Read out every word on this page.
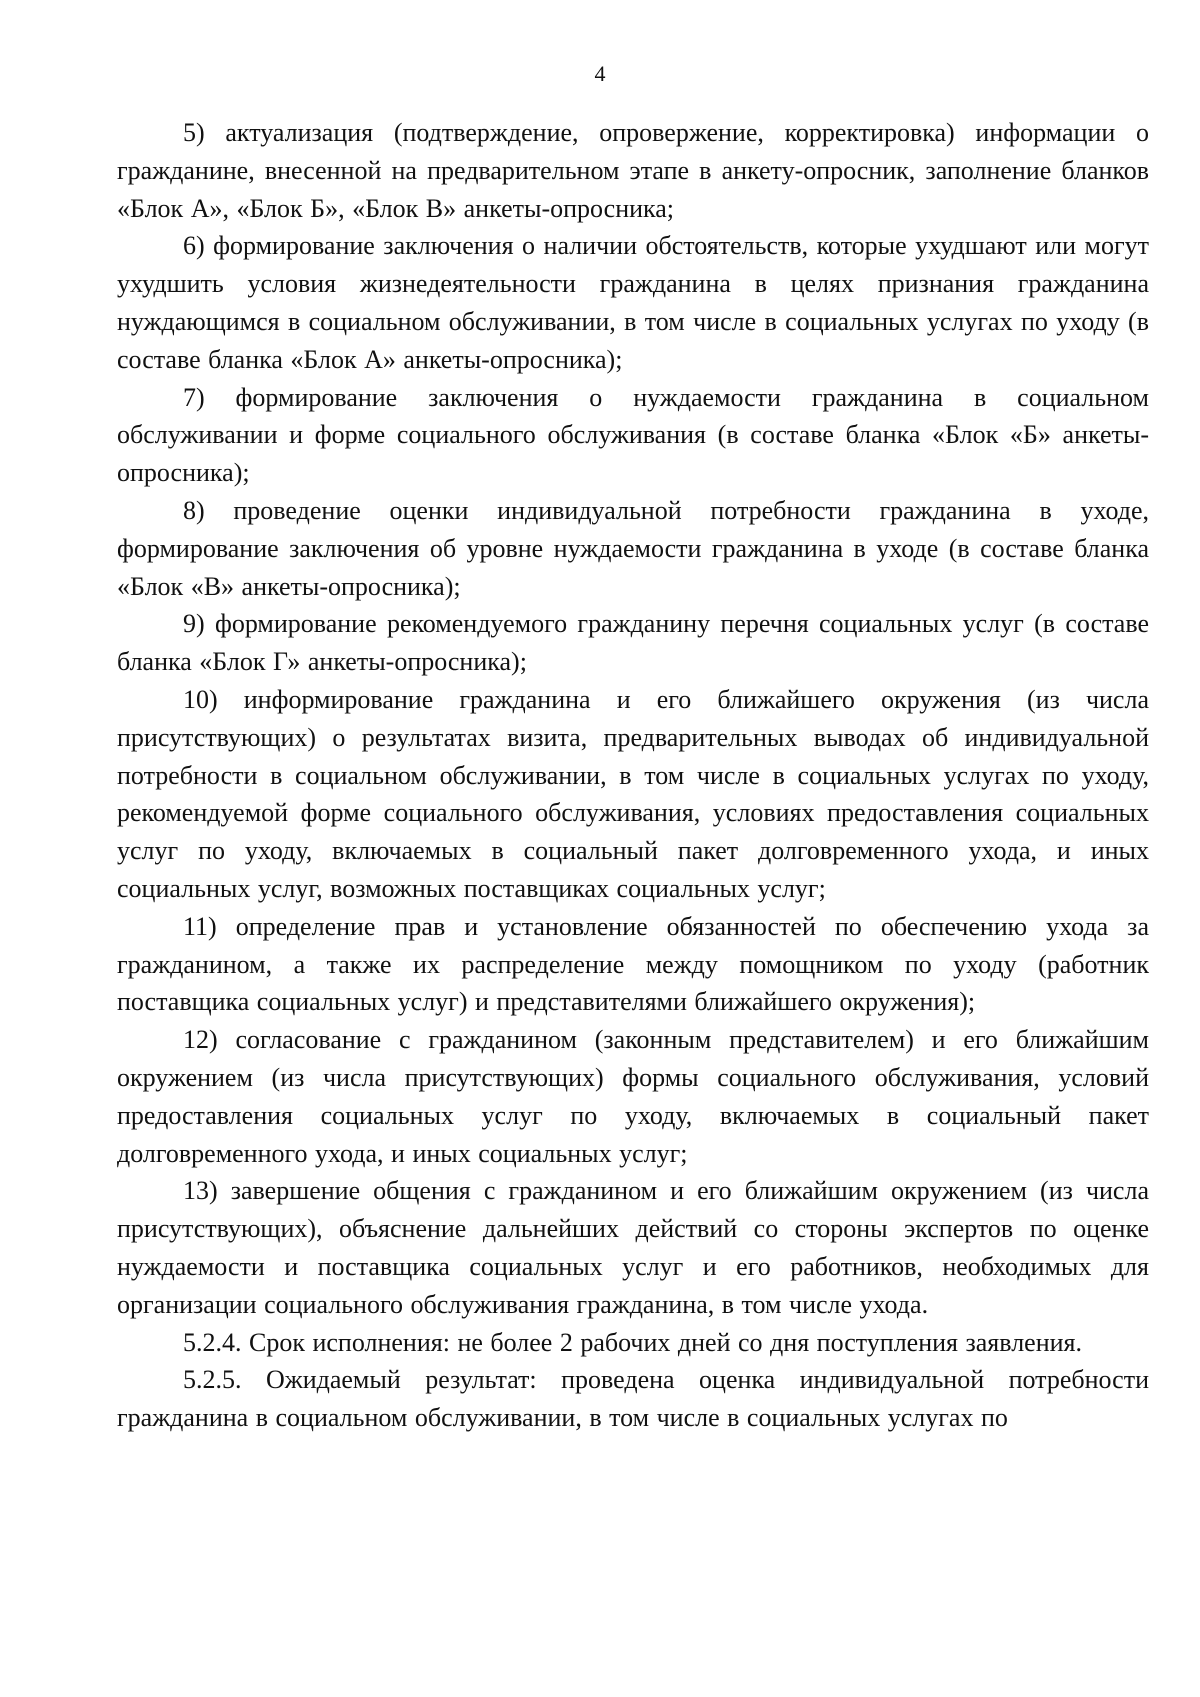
4

5) актуализация (подтверждение, опровержение, корректировка) информации о гражданине, внесенной на предварительном этапе в анкету-опросник, заполнение бланков «Блок А», «Блок Б», «Блок В» анкеты-опросника;

6) формирование заключения о наличии обстоятельств, которые ухудшают или могут ухудшить условия жизнедеятельности гражданина в целях признания гражданина нуждающимся в социальном обслуживании, в том числе в социальных услугах по уходу (в составе бланка «Блок А» анкеты-опросника);

7) формирование заключения о нуждаемости гражданина в социальном обслуживании и форме социального обслуживания (в составе бланка «Блок «Б» анкеты-опросника);

8) проведение оценки индивидуальной потребности гражданина в уходе, формирование заключения об уровне нуждаемости гражданина в уходе (в составе бланка «Блок «В» анкеты-опросника);

9) формирование рекомендуемого гражданину перечня социальных услуг (в составе бланка «Блок Г» анкеты-опросника);

10) информирование гражданина и его ближайшего окружения (из числа присутствующих) о результатах визита, предварительных выводах об индивидуальной потребности в социальном обслуживании, в том числе в социальных услугах по уходу, рекомендуемой форме социального обслуживания, условиях предоставления социальных услуг по уходу, включаемых в социальный пакет долговременного ухода, и иных социальных услуг, возможных поставщиках социальных услуг;

11) определение прав и установление обязанностей по обеспечению ухода за гражданином, а также их распределение между помощником по уходу (работник поставщика социальных услуг) и представителями ближайшего окружения);

12) согласование с гражданином (законным представителем) и его ближайшим окружением (из числа присутствующих) формы социального обслуживания, условий предоставления социальных услуг по уходу, включаемых в социальный пакет долговременного ухода, и иных социальных услуг;

13) завершение общения с гражданином и его ближайшим окружением (из числа присутствующих), объяснение дальнейших действий со стороны экспертов по оценке нуждаемости и поставщика социальных услуг и его работников, необходимых для организации социального обслуживания гражданина, в том числе ухода.

5.2.4. Срок исполнения: не более 2 рабочих дней со дня поступления заявления.

5.2.5. Ожидаемый результат: проведена оценка индивидуальной потребности гражданина в социальном обслуживании, в том числе в социальных услугах по
